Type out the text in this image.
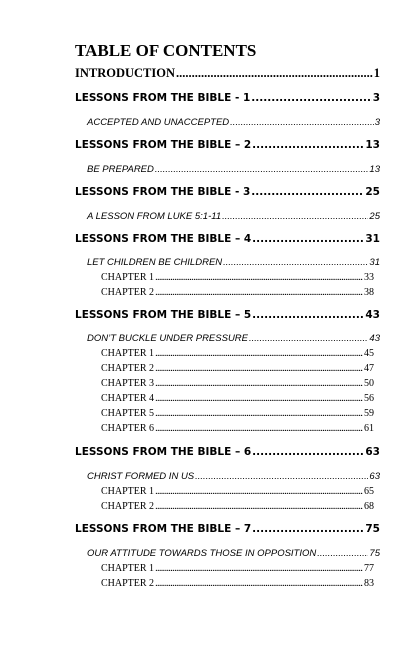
TABLE OF CONTENTS
INTRODUCTION .....	1
LESSONS FROM THE BIBLE - 1 .....	3
ACCEPTED AND UNACCEPTED .....	3
LESSONS FROM THE BIBLE – 2 .....	13
BE PREPARED .....	13
LESSONS FROM THE BIBLE - 3 .....	25
A LESSON FROM LUKE 5:1-11 .....	25
LESSONS FROM THE BIBLE – 4 .....	31
LET CHILDREN BE CHILDREN .....	31
CHAPTER 1 .....	33
CHAPTER 2 .....	38
LESSONS FROM THE BIBLE – 5 .....	43
DON’T BUCKLE UNDER PRESSURE .....	43
CHAPTER 1 .....	45
CHAPTER 2 .....	47
CHAPTER 3 .....	50
CHAPTER 4 .....	56
CHAPTER 5 .....	59
CHAPTER 6 .....	61
LESSONS FROM THE BIBLE – 6 .....	63
CHRIST FORMED IN US .....	63
CHAPTER 1 .....	65
CHAPTER 2 .....	68
LESSONS FROM THE BIBLE – 7 .....	75
OUR ATTITUDE TOWARDS THOSE IN OPPOSITION .....	75
CHAPTER 1 .....	77
CHAPTER 2 .....	83
